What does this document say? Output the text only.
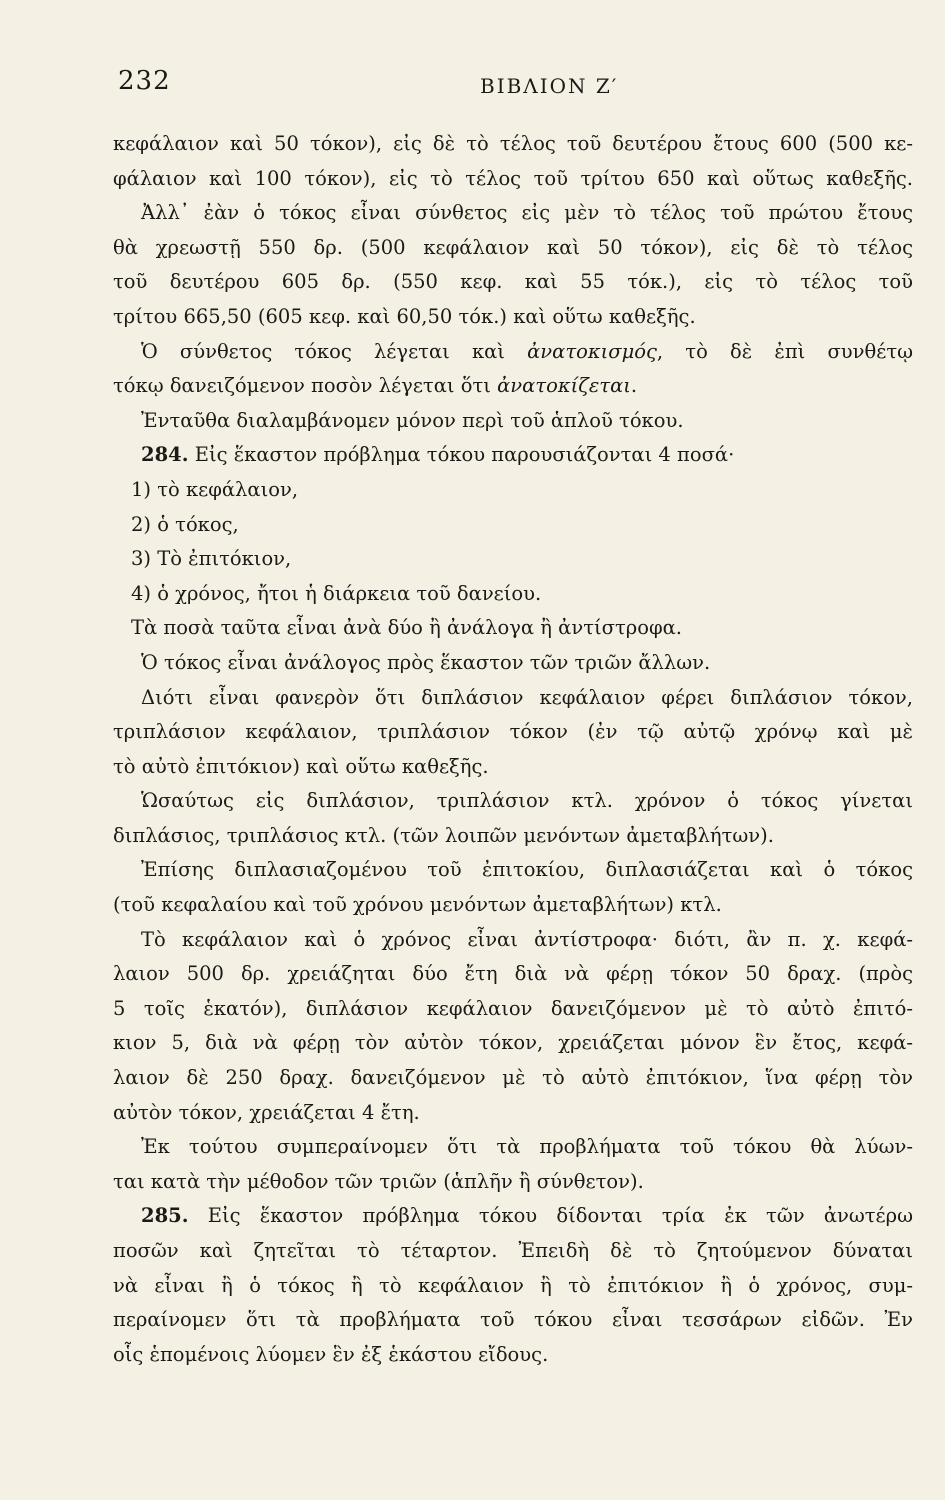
232	ΒΙΒΛΙΟΝ Ζ′
κεφάλαιον καὶ 50 τόκον), εἰς δὲ τὸ τέλος τοῦ δευτέρου ἔτους 600 (500 κε-
φάλαιον καὶ 100 τόκον), εἰς τὸ τέλος τοῦ τρίτου 650 καὶ οὕτως καθεξῆς.
Ἀλλ᾽ ἐὰν ὁ τόκος εἶναι σύνθετος εἰς μὲν τὸ τέλος τοῦ πρώτου ἔτους
θὰ χρεωστῇ 550 δρ. (500 κεφάλαιον καὶ 50 τόκον), εἰς δὲ τὸ τέλος
τοῦ δευτέρου 605 δρ. (550 κεφ. καὶ 55 τόκ.), εἰς τὸ τέλος τοῦ
τρίτου 665,50 (605 κεφ. καὶ 60,50 τόκ.) καὶ οὕτω καθεξῆς.
Ὁ σύνθετος τόκος λέγεται καὶ ἀνατοκισμός, τὸ δὲ ἐπὶ συνθέτῳ
τόκῳ δανειζόμενον ποσὸν λέγεται ὅτι ἀνατοκίζεται.
Ἐνταῦθα διαλαμβάνομεν μόνον περὶ τοῦ ἁπλοῦ τόκου.
284. Εἰς ἕκαστον πρόβλημα τόκου παρουσιάζονται 4 ποσά·
1) τὸ κεφάλαιον,
2) ὁ τόκος,
3) Τὸ ἐπιτόκιον,
4) ὁ χρόνος, ἤτοι ἡ διάρκεια τοῦ δανείου.
Τὰ ποσὰ ταῦτα εἶναι ἀνὰ δύο ἢ ἀνάλογα ἢ ἀντίστροφα.
Ὁ τόκος εἶναι ἀνάλογος πρὸς ἕκαστον τῶν τριῶν ἄλλων.
Διότι εἶναι φανερὸν ὅτι διπλάσιον κεφάλαιον φέρει διπλάσιον τόκον,
τριπλάσιον κεφάλαιον, τριπλάσιον τόκον (ἐν τῷ αὐτῷ χρόνῳ καὶ μὲ
τὸ αὐτὸ ἐπιτόκιον) καὶ οὕτω καθεξῆς.
Ὡσαύτως εἰς διπλάσιον, τριπλάσιον κτλ. χρόνον ὁ τόκος γίνεται
διπλάσιος, τριπλάσιος κτλ. (τῶν λοιπῶν μενόντων ἀμεταβλήτων).
Ἐπίσης διπλασιαζομένου τοῦ ἐπιτοκίου, διπλασιάζεται καὶ ὁ τόκος
(τοῦ κεφαλαίου καὶ τοῦ χρόνου μενόντων ἀμεταβλήτων) κτλ.
Τὸ κεφάλαιον καὶ ὁ χρόνος εἶναι ἀντίστροφα· διότι, ἂν π. χ. κεφά-
λαιον 500 δρ. χρειάζηται δύο ἔτη διὰ νὰ φέρῃ τόκον 50 δραχ. (πρὸς
5 τοῖς ἑκατόν), διπλάσιον κεφάλαιον δανειζόμενον μὲ τὸ αὐτὸ ἐπιτό-
κιον 5, διὰ νὰ φέρῃ τὸν αὐτὸν τόκον, χρειάζεται μόνον ἓν ἔτος, κεφά-
λαιον δὲ 250 δραχ. δανειζόμενον μὲ τὸ αὐτὸ ἐπιτόκιον, ἵνα φέρῃ τὸν
αὐτὸν τόκον, χρειάζεται 4 ἔτη.
Ἐκ τούτου συμπεραίνομεν ὅτι τὰ προβλήματα τοῦ τόκου θὰ λύων-
ται κατὰ τὴν μέθοδον τῶν τριῶν (ἁπλῆν ἢ σύνθετον).
285. Εἰς ἕκαστον πρόβλημα τόκου δίδονται τρία ἐκ τῶν ἀνωτέρω
ποσῶν καὶ ζητεῖται τὸ τέταρτον. Ἐπειδὴ δὲ τὸ ζητούμενον δύναται
νὰ εἶναι ἢ ὁ τόκος ἢ τὸ κεφάλαιον ἢ τὸ ἐπιτόκιον ἢ ὁ χρόνος, συμ-
περαίνομεν ὅτι τὰ προβλήματα τοῦ τόκου εἶναι τεσσάρων εἰδῶν. Ἐν
οἷς ἑπομένοις λύομεν ἓν ἐξ ἑκάστου εἴδους.
